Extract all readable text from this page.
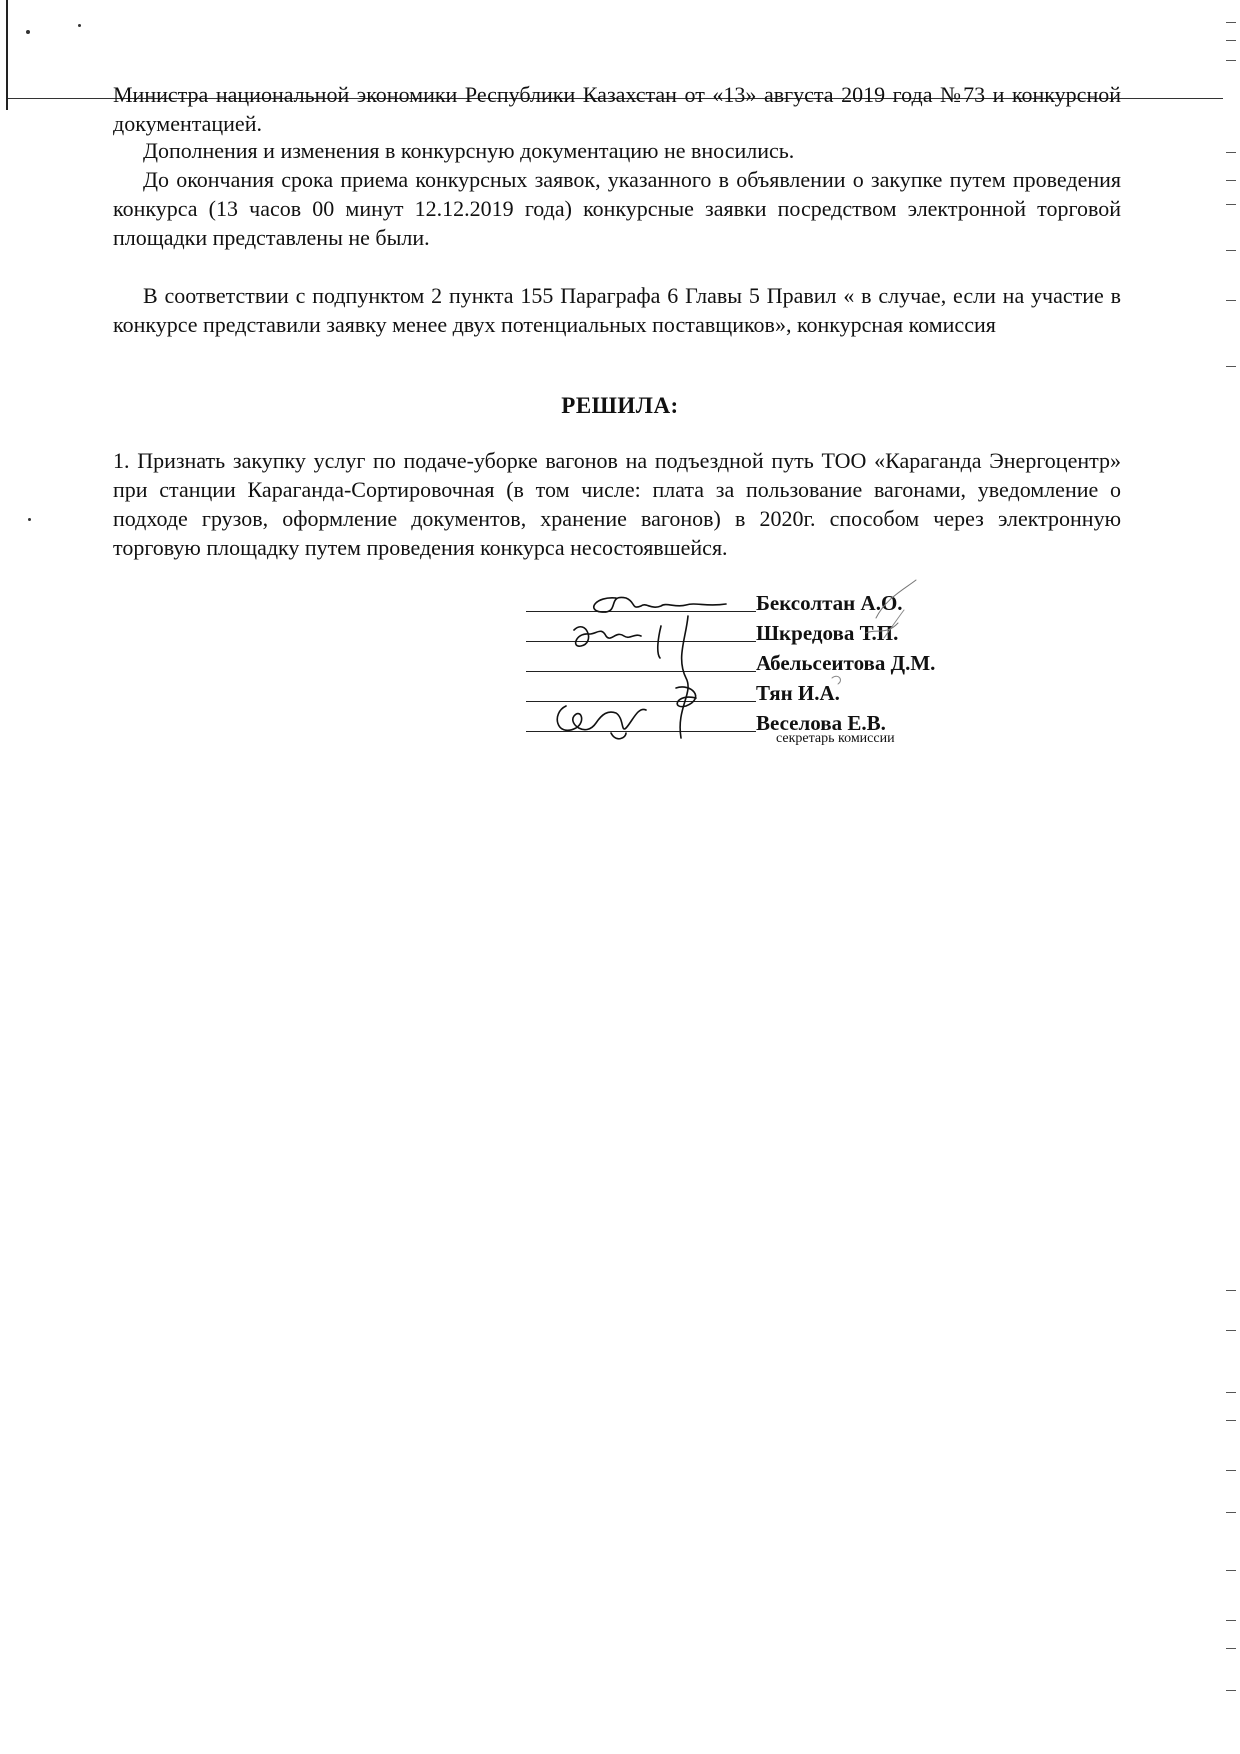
Министра национальной экономики Республики Казахстан от «13» августа 2019 года №73 и конкурсной документацией.

Дополнения и изменения в конкурсную документацию не вносились.

До окончания срока приема конкурсных заявок, указанного в объявлении о закупке путем проведения конкурса (13 часов 00 минут 12.12.2019 года) конкурсные заявки посредством электронной торговой площадки представлены не были.

В соответствии с подпунктом 2 пункта 155 Параграфа 6 Главы 5 Правил « в случае, если на участие в конкурсе представили заявку менее двух потенциальных поставщиков», конкурсная комиссия

РЕШИЛА:

1. Признать закупку услуг по подаче-уборке вагонов на подъездной путь ТОО «Караганда Энергоцентр» при станции Караганда-Сортировочная (в том числе: плата за пользование вагонами, уведомление о подходе грузов, оформление документов, хранение вагонов) в 2020г. способом через электронную торговую площадку путем проведения конкурса несостоявшейся.

Бексолтан А.О.
Шкредова Т.П.
Абельсеитова Д.М.
Тян И.А.
Веселова Е.В.
секретарь комиссии
